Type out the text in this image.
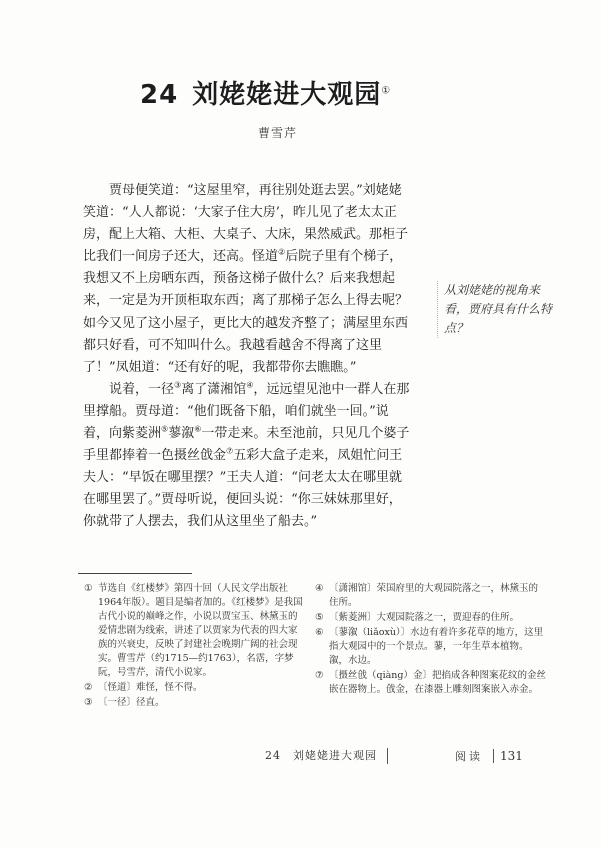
24 刘姥姥进大观园①
曹雪芹

贾母便笑道：“这屋里窄，再往别处逛去罢。”刘姥姥笑道：“人人都说：‘大家子住大房’，昨儿见了老太太正房，配上大箱、大柜、大桌子、大床，果然威武。那柜子比我们一间房子还大，还高。怪道②后院子里有个梯子，我想又不上房晒东西，预备这梯子做什么？后来我想起来，一定是为开顶柜取东西；离了那梯子怎么上得去呢？如今又见了这小屋子，更比大的越发齐整了；满屋里东西都只好看，可不知叫什么。我越看越舍不得离了这里了！”凤姐道：“还有好的呢，我都带你去瞧瞧。”

说着，一径③离了潇湘馆④，远远望见池中一群人在那里撑船。贾母道：“他们既备下船，咱们就坐一回。”说着，向紫菱洲⑤蓼溆⑥一带走来。未至池前，只见几个婆子手里都捧着一色摄丝戗金⑦五彩大盒子走来，凤姐忙问王夫人：“早饭在哪里摆？”王夫人道：“问老太太在哪里就在哪里罢了。”贾母听说，便回头说：“你三妹妹那里好，你就带了人摆去，我们从这里坐了船去。”

从刘姥姥的视角来看，贾府具有什么特点？
① 节选自《红楼梦》第四十回（人民文学出版社1964年版）。题目是编者加的。《红楼梦》是我国古代小说的巅峰之作，小说以贾宝玉、林黛玉的爱情悲剧为线索，讲述了以贾家为代表的四大家族的兴衰史，反映了封建社会晚期广阔的社会现实。曹雪芹（约1715—约1763），名霑，字梦阮，号雪芹，清代小说家。
② 〔怪道〕难怪，怪不得。
③ 〔一径〕径直。
④ 〔潇湘馆〕荣国府里的大观园院落之一，林黛玉的住所。
⑤ 〔紫菱洲〕大观园院落之一，贾迎春的住所。
⑥ 〔蓼溆（liǎoxù）〕水边有着许多花草的地方，这里指大观园中的一个景点。蓼，一年生草本植物。溆，水边。
⑦ 〔摄丝戗（qiàng）金〕把掐成各种图案花纹的金丝嵌在器物上。戗金，在漆器上雕刻图案嵌入赤金。
24　刘姥姥进大观园	阅读 131
